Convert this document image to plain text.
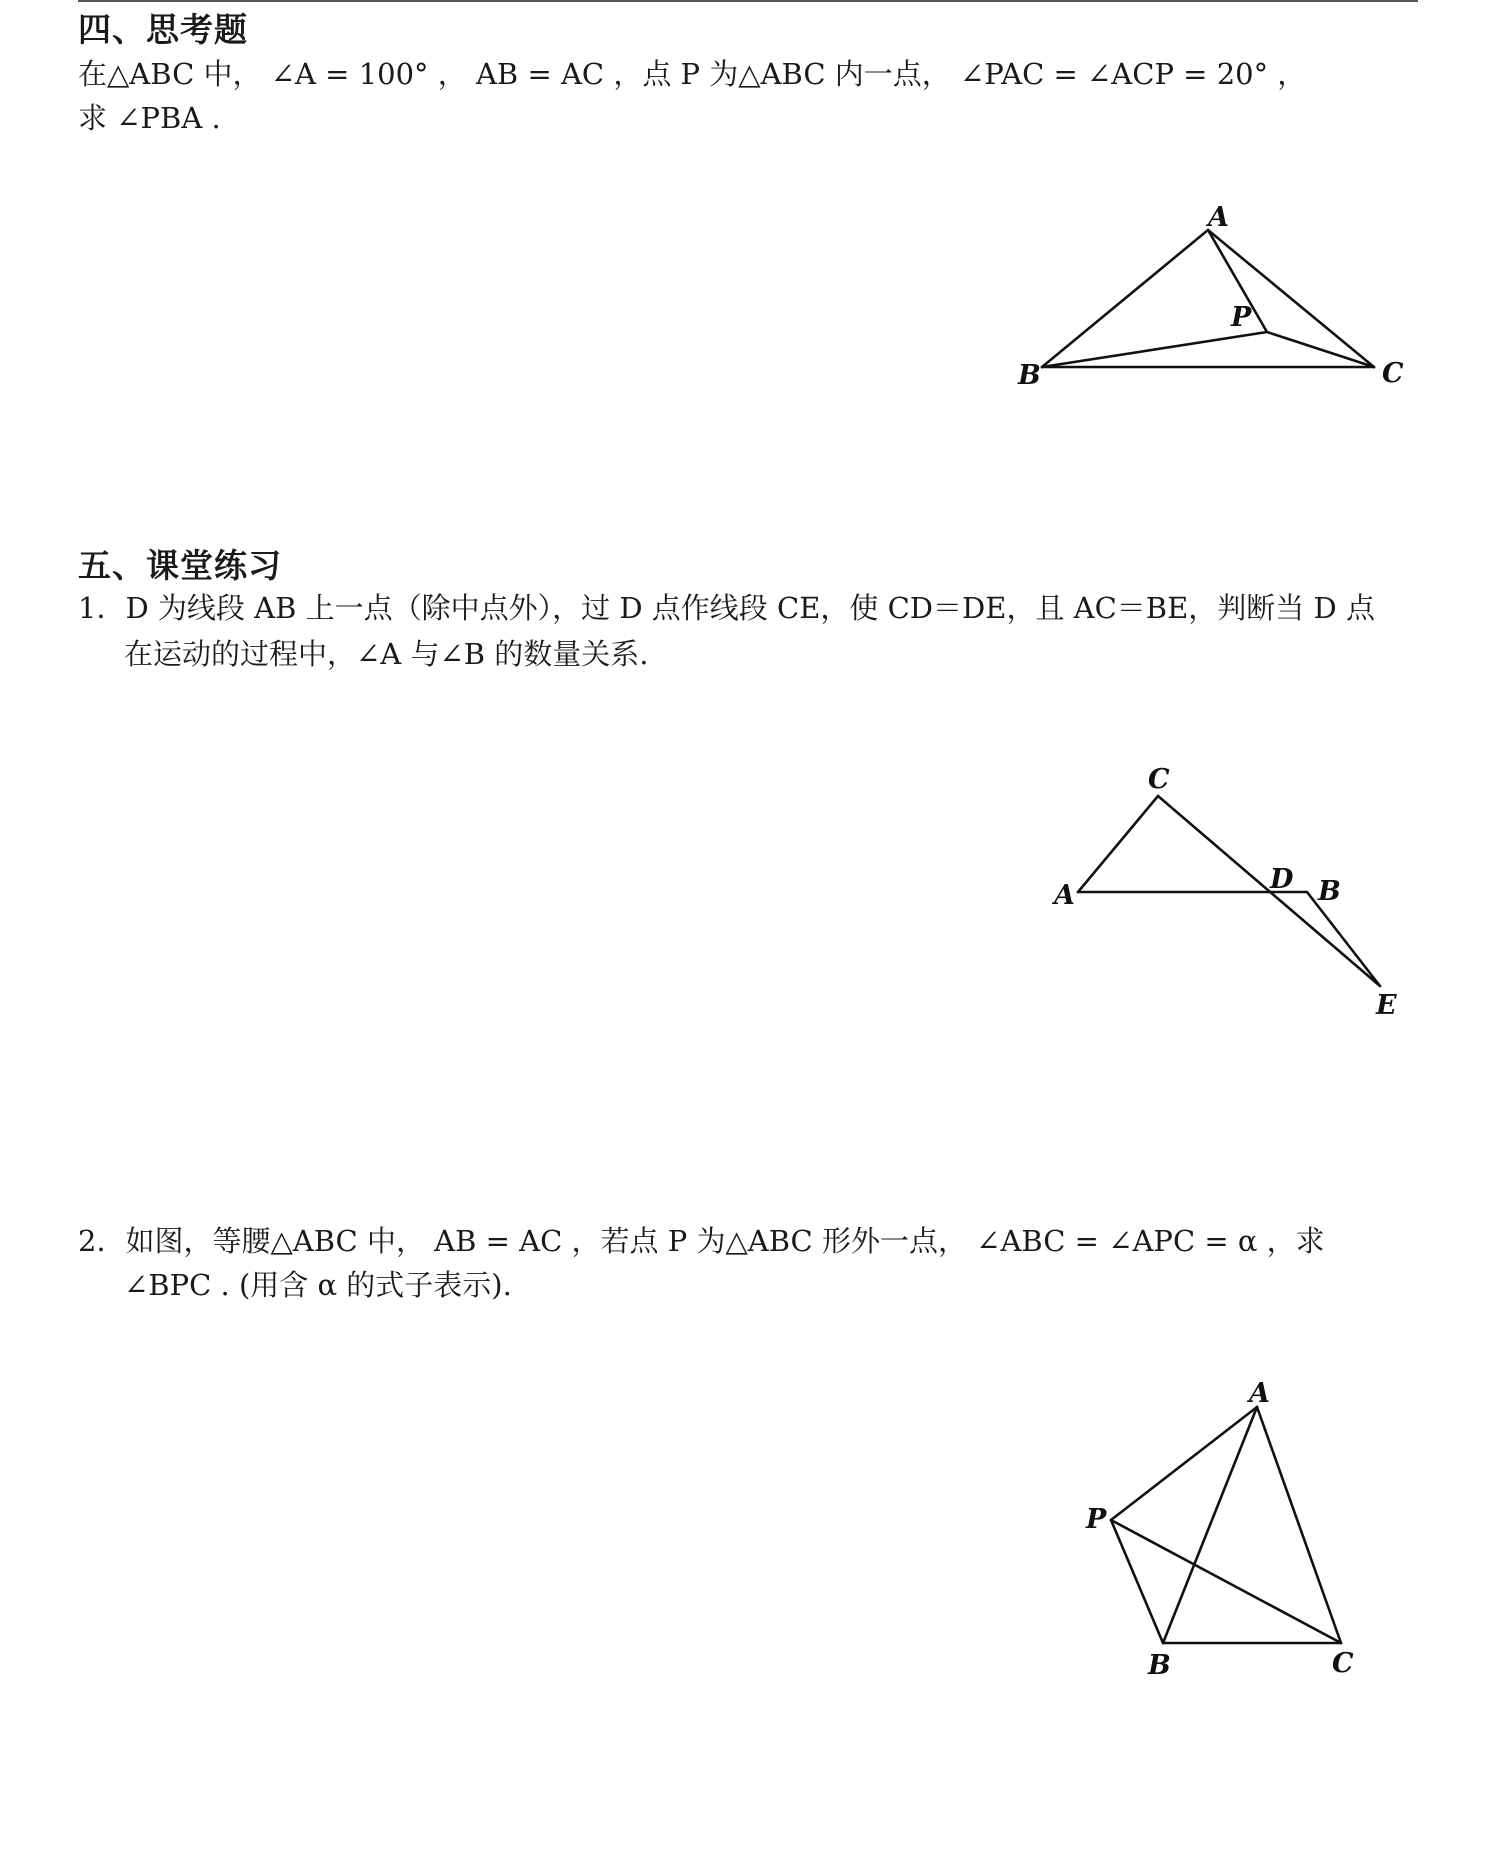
四、思考题
在△ABC 中， ∠A = 100° ， AB = AC ，点 P 为△ABC 内一点， ∠PAC = ∠ACP = 20° ，
求 ∠PBA .
A
P
B	C
C
A
D B
E
A
P
B	C
五、课堂练习
1．D 为线段 AB 上一点（除中点外），过 D 点作线段 CE，使 CD＝DE，且 AC＝BE，判断当 D 点
在运动的过程中，∠A 与∠B 的数量关系.
2．如图，等腰△ABC 中， AB = AC ，若点 P 为△ABC 形外一点， ∠ABC = ∠APC = α ，求
∠BPC . (用含 α 的式子表示).
